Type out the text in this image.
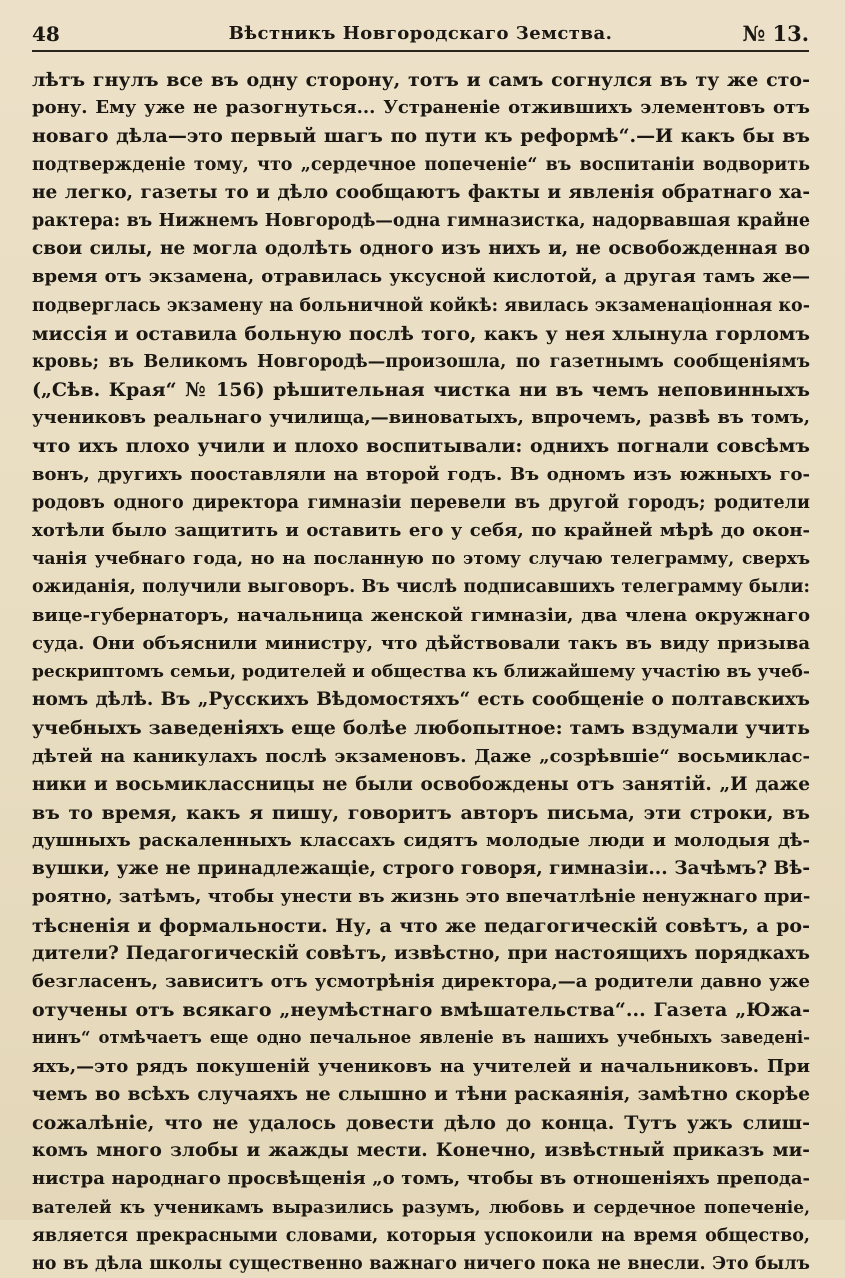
48	Вѣстникъ Новгородскаго Земства.	№ 13.
лѣтъ гнулъ все въ одну сторону, тотъ и самъ согнулся въ ту же сто-
рону. Ему уже не разогнуться... Устраненіе отжившихъ элементовъ отъ
новаго дѣла—это первый шагъ по пути къ реформѣ“.—И какъ бы въ
подтвержденіе тому, что „сердечное попеченіе“ въ воспитаніи водворить
не легко, газеты то и дѣло сообщаютъ факты и явленія обратнаго ха-
рактера: въ Нижнемъ Новгородѣ—одна гимназистка, надорвавшая крайне
свои силы, не могла одолѣть одного изъ нихъ и, не освобожденная во
время отъ экзамена, отравилась уксусной кислотой, а другая тамъ же—
подверглась экзамену на больничной койкѣ: явилась экзаменаціонная ко-
миссія и оставила больную послѣ того, какъ у нея хлынула горломъ
кровь; въ Великомъ Новгородѣ—произошла, по газетнымъ сообщеніямъ
(„Сѣв. Края“ № 156) рѣшительная чистка ни въ чемъ неповинныхъ
учениковъ реальнаго училища,—виноватыхъ, впрочемъ, развѣ въ томъ,
что ихъ плохо учили и плохо воспитывали: однихъ погнали совсѣмъ
вонъ, другихъ пооставляли на второй годъ. Въ одномъ изъ южныхъ го-
родовъ одного директора гимназіи перевели въ другой городъ; родители
хотѣли было защитить и оставить его у себя, по крайней мѣрѣ до окон-
чанія учебнаго года, но на посланную по этому случаю телеграмму, сверхъ
ожиданія, получили выговоръ. Въ числѣ подписавшихъ телеграмму были:
вице-губернаторъ, начальница женской гимназіи, два члена окружнаго
суда. Они объяснили министру, что дѣйствовали такъ въ виду призыва
рескриптомъ семьи, родителей и общества къ ближайшему участію въ учеб-
номъ дѣлѣ. Въ „Русскихъ Вѣдомостяхъ“ есть сообщеніе о полтавскихъ
учебныхъ заведеніяхъ еще болѣе любопытное: тамъ вздумали учить
дѣтей на каникулахъ послѣ экзаменовъ. Даже „созрѣвшіе“ восьмиклас-
ники и восьмиклассницы не были освобождены отъ занятій. „И даже
въ то время, какъ я пишу, говоритъ авторъ письма, эти строки, въ
душныхъ раскаленныхъ классахъ сидятъ молодые люди и молодыя дѣ-
вушки, уже не принадлежащіе, строго говоря, гимназіи... Зачѣмъ? Вѣ-
роятно, затѣмъ, чтобы унести въ жизнь это впечатлѣніе ненужнаго при-
тѣсненія и формальности. Ну, а что же педагогическій совѣтъ, а ро-
дители? Педагогическій совѣтъ, извѣстно, при настоящихъ порядкахъ
безгласенъ, зависитъ отъ усмотрѣнія директора,—а родители давно уже
отучены отъ всякаго „неумѣстнаго вмѣшательства“... Газета „Южа-
нинъ“ отмѣчаетъ еще одно печальное явленіе въ нашихъ учебныхъ заведені-
яхъ,—это рядъ покушеній учениковъ на учителей и начальниковъ. При
чемъ во всѣхъ случаяхъ не слышно и тѣни раскаянія, замѣтно скорѣе
сожалѣніе, что не удалось довести дѣло до конца. Тутъ ужъ слиш-
комъ много злобы и жажды мести. Конечно, извѣстный приказъ ми-
нистра народнаго просвѣщенія „о томъ, чтобы въ отношеніяхъ препода-
вателей къ ученикамъ выразились разумъ, любовь и сердечное попеченіе,
является прекрасными словами, которыя успокоили на время общество,
но въ дѣла школы существенно важнаго ничего пока не внесли. Это былъ
